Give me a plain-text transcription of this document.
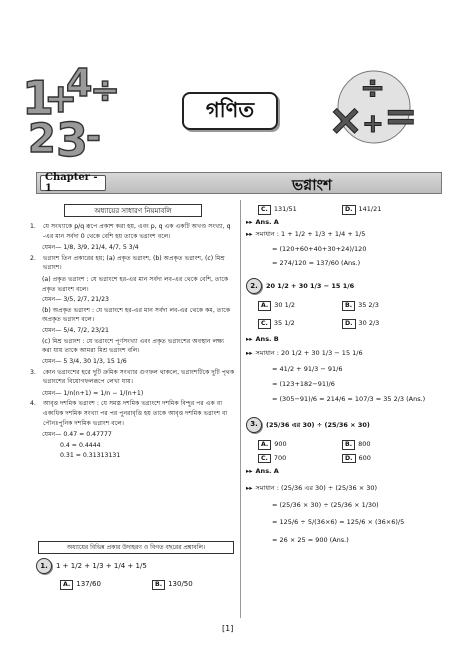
1
+
4
÷
2 3
-
গণিত	×
÷
=
+
Chapter - 1	ভগ্নাংশ
অধ্যায়ের সাধারণ নিয়মাবলি
1.	যে সংখ্যাকে p/q রূপে প্রকাশ করা হয়, এবং p, q এক একটি অখণ্ড সংখ্যা, q -এর মান সর্বদা 0 থেকে বেশি হয় তাকে ভগ্নাংশ বলে।

যেমন— 1/8, 3/9, 21/4, 4/7, 5 3/4

2.	ভগ্নাংশ তিন প্রকারের হয়; (a) প্রকৃত ভগ্নাংশ, (b) অপ্রকৃত ভগ্নাংশ, (c) মিশ্র ভগ্নাংশ।

(a) প্রকৃত ভগ্নাংশ : যে ভগ্নাংশে হর-এর মান সর্বদা লব-এর থেকে বেশি, তাকে প্রকৃত ভগ্নাংশ বলে।

যেমন— 3/5, 2/7, 21/23

(b) অপ্রকৃত ভগ্নাংশ : যে ভগ্নাংশে হর-এর মান সর্বদা লব-এর থেকে কম, তাকে অপ্রকৃত ভগ্নাংশ বলে।

যেমন— 5/4, 7/2, 23/21

(c) মিশ্র ভগ্নাংশ : যে ভগ্নাংশে পূর্ণসংখ্যা এবং প্রকৃত ভগ্নাংশের অবস্থান লক্ষ্য করা যায় তাকে আমরা মিশ্র ভগ্নাংশ বলি।

যেমন— 5 3/4, 30 1/3, 15 1/6

3.	কোন ভগ্নাংশের হরে দুটি ক্রমিক সংখ্যার গুণফল থাকলে, ভগ্নাংশটিকে দুটি পৃথক ভগ্নাংশের বিয়োগফলরূপে লেখা যায়।

যেমন— 1/n(n+1) = 1/n − 1/(n+1)

4.	আবৃত্ত দশমিক ভগ্নাংশ : যে সমস্ত দশমিক ভগ্নাংশে দশমিক বিন্দুর পর এক বা একাধিক দশমিক সংখ্যা পর পর পুনরাবৃত্তি হয় তাকে আবৃত্ত দশমিক ভগ্নাংশ বা পৌনঃপুনিক দশমিক ভগ্নাংশ বলে।

যেমন— 0.47̇ = 0.47777

0.4̇ = 0.4444

0.3̇1̇ = 0.31313131

অধ্যায়ের বিভিন্ন প্রকার উদাহরণ ও বিগত বছরের প্রশ্নাবলি।
1.	1 + 1/2 + 1/3 + 1/4 + 1/5
A. 137/60	B. 130/50
C. 131/51	D. 141/21
▸▸ Ans. A
▸▸ সমাধান : 1 + 1/2 + 1/3 + 1/4 + 1/5
= (120+60+40+30+24)/120
= 274/120 = 137/60 (Ans.)
2.	20 1/2 + 30 1/3 − 15 1/6
A. 30 1/2	B. 35 2/3
C. 35 1/2	D. 30 2/3
▸▸ Ans. B
▸▸ সমাধান : 20 1/2 + 30 1/3 − 15 1/6
= 41/2 + 91/3 − 91/6
= (123+182−91)/6
= (305−91)/6 = 214/6 = 107/3 = 35 2/3 (Ans.)
3.	(25/36 এর 30) ÷ (25/36 × 30)
A. 900	B. 800
C. 700	D. 600
▸▸ Ans. A
▸▸ সমাধান : (25/36 এর 30) ÷ (25/36 × 30)
= (25/36 × 30) ÷ (25/36 × 1/30)
= 125/6 ÷ 5/(36×6) = 125/6 × (36×6)/5
= 26 × 25 = 900 (Ans.)
[1]
